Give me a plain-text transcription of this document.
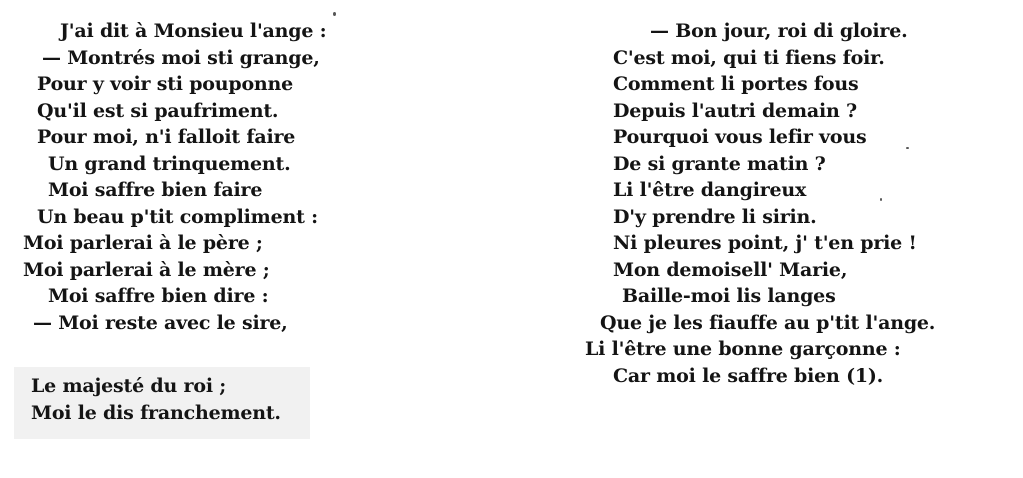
J'ai dit à Monsieu l'ange :
— Montrés moi sti grange,
Pour y voir sti pouponne
Qu'il est si paufriment.
Pour moi, n'i falloit faire
Un grand trinquement.
Moi saffre bien faire
Un beau p'tit compliment :
Moi parlerai à le père ;
Moi parlerai à le mère ;
Moi saffre bien dire :
— Moi reste avec le sire,
Le majesté du roi ;
Moi le dis franchement.
— Bon jour, roi di gloire.
C'est moi, qui ti fiens foir.
Comment li portes fous
Depuis l'autri demain ?
Pourquoi vous lefir vous
De si grante matin ?
Li l'être dangireux
D'y prendre li sirin.
Ni pleures point, j' t'en prie !
Mon demoisell' Marie,
Baille-moi lis langes
Que je les fiauffe au p'tit l'ange.
Li l'être une bonne garçonne :
Car moi le saffre bien (1).
